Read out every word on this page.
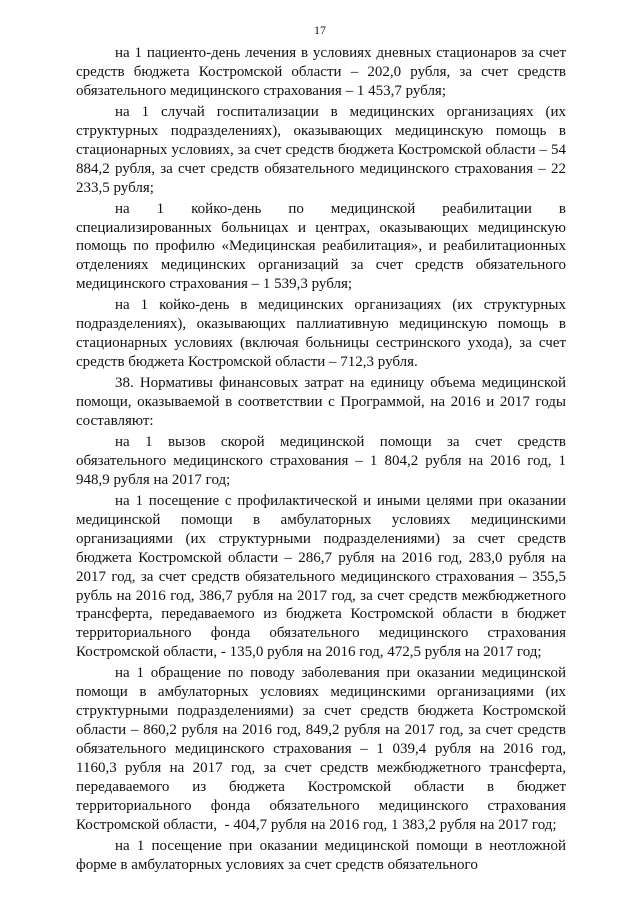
17

на 1 пациенто-день лечения в условиях дневных стационаров за счет средств бюджета Костромской области – 202,0 рубля, за счет средств обязательного медицинского страхования – 1 453,7 рубля;

на 1 случай госпитализации в медицинских организациях (их структурных подразделениях), оказывающих медицинскую помощь в стационарных условиях, за счет средств бюджета Костромской области – 54 884,2 рубля, за счет средств обязательного медицинского страхования – 22 233,5 рубля;

на 1 койко-день по медицинской реабилитации в специализированных больницах и центрах, оказывающих медицинскую помощь по профилю «Медицинская реабилитация», и реабилитационных отделениях медицинских организаций за счет средств обязательного медицинского страхования – 1 539,3 рубля;

на 1 койко-день в медицинских организациях (их структурных подразделениях), оказывающих паллиативную медицинскую помощь в стационарных условиях (включая больницы сестринского ухода), за счет средств бюджета Костромской области – 712,3 рубля.

38. Нормативы финансовых затрат на единицу объема медицинской помощи, оказываемой в соответствии с Программой, на 2016 и 2017 годы составляют:

на 1 вызов скорой медицинской помощи за счет средств обязательного медицинского страхования – 1 804,2 рубля на 2016 год, 1 948,9 рубля на 2017 год;

на 1 посещение с профилактической и иными целями при оказании медицинской помощи в амбулаторных условиях медицинскими организациями (их структурными подразделениями) за счет средств бюджета Костромской области – 286,7 рубля на 2016 год, 283,0 рубля на 2017 год, за счет средств обязательного медицинского страхования – 355,5 рубль на 2016 год, 386,7 рубля на 2017 год, за счет средств межбюджетного трансферта, передаваемого из бюджета Костромской области в бюджет территориального фонда обязательного медицинского страхования Костромской области, - 135,0 рубля на 2016 год, 472,5 рубля на 2017 год;

на 1 обращение по поводу заболевания при оказании медицинской помощи в амбулаторных условиях медицинскими организациями (их структурными подразделениями) за счет средств бюджета Костромской области – 860,2 рубля на 2016 год, 849,2 рубля на 2017 год, за счет средств обязательного медицинского страхования – 1 039,4 рубля на 2016 год, 1160,3 рубля на 2017 год, за счет средств межбюджетного трансферта, передаваемого из бюджета Костромской области в бюджет территориального фонда обязательного медицинского страхования Костромской области,  - 404,7 рубля на 2016 год, 1 383,2 рубля на 2017 год;

на 1 посещение при оказании медицинской помощи в неотложной форме в амбулаторных условиях за счет средств обязательного
